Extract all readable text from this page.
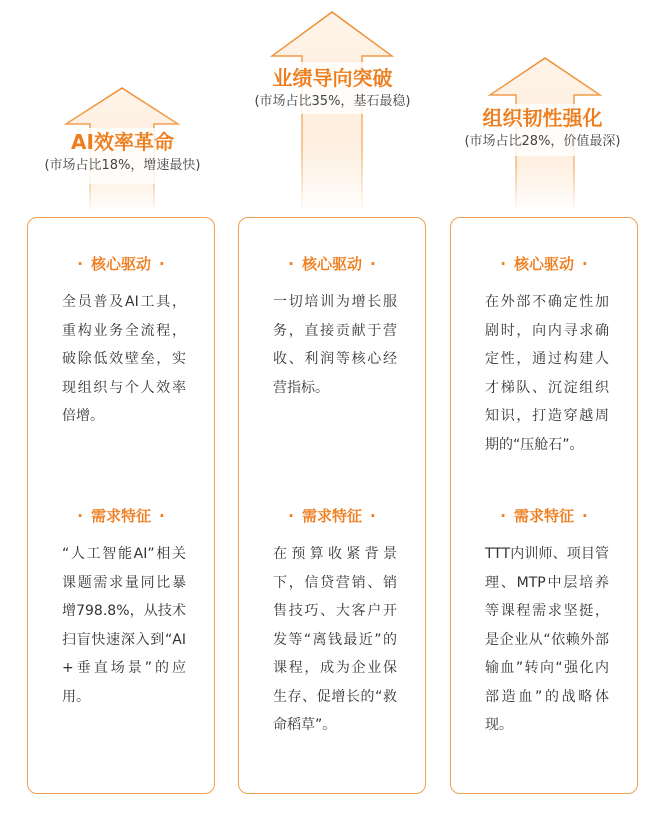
AI效率革命
(市场占比18%，增速最快)
业绩导向突破
(市场占比35%，基石最稳)
组织韧性强化
(市场占比28%，价值最深)
· 核心驱动 ·
全员普及AI工具，重构业务全流程，破除低效壁垒，实现组织与个人效率倍增。
· 需求特征 ·
“人工智能AI”相关课题需求量同比暴增798.8%，从技术扫盲快速深入到“AI+垂直场景”的应用。
· 核心驱动 ·
一切培训为增长服务，直接贡献于营收、利润等核心经营指标。
· 需求特征 ·
在预算收紧背景下，信贷营销、销售技巧、大客户开发等“离钱最近”的课程，成为企业保生存、促增长的“救命稻草”。
· 核心驱动 ·
在外部不确定性加剧时，向内寻求确定性，通过构建人才梯队、沉淀组织知识，打造穿越周期的“压舱石”。
· 需求特征 ·
TTT内训师、项目管理、MTP中层培养等课程需求坚挺，是企业从“依赖外部输血”转向“强化内部造血”的战略体现。
